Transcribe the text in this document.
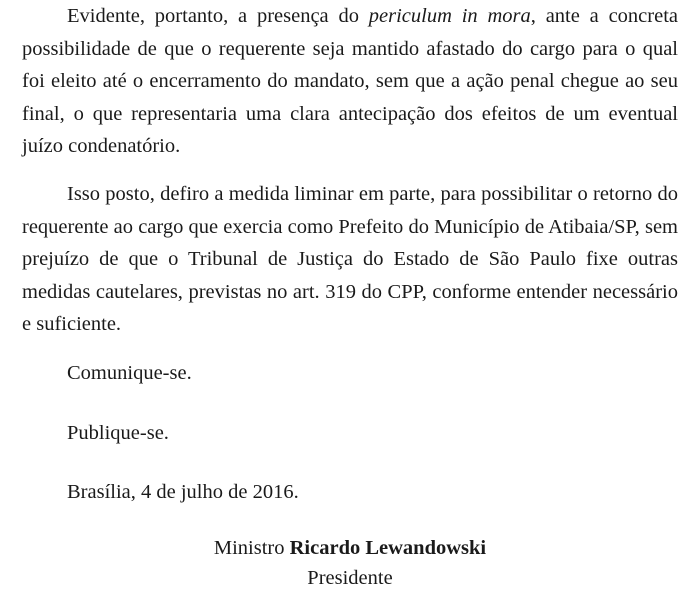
Evidente, portanto, a presença do periculum in mora, ante a concreta possibilidade de que o requerente seja mantido afastado do cargo para o qual foi eleito até o encerramento do mandato, sem que a ação penal chegue ao seu final, o que representaria uma clara antecipação dos efeitos de um eventual juízo condenatório.

Isso posto, defiro a medida liminar em parte, para possibilitar o retorno do requerente ao cargo que exercia como Prefeito do Município de Atibaia/SP, sem prejuízo de que o Tribunal de Justiça do Estado de São Paulo fixe outras medidas cautelares, previstas no art. 319 do CPP, conforme entender necessário e suficiente.

Comunique-se.

Publique-se.

Brasília, 4 de julho de 2016.

Ministro Ricardo Lewandowski

Presidente
